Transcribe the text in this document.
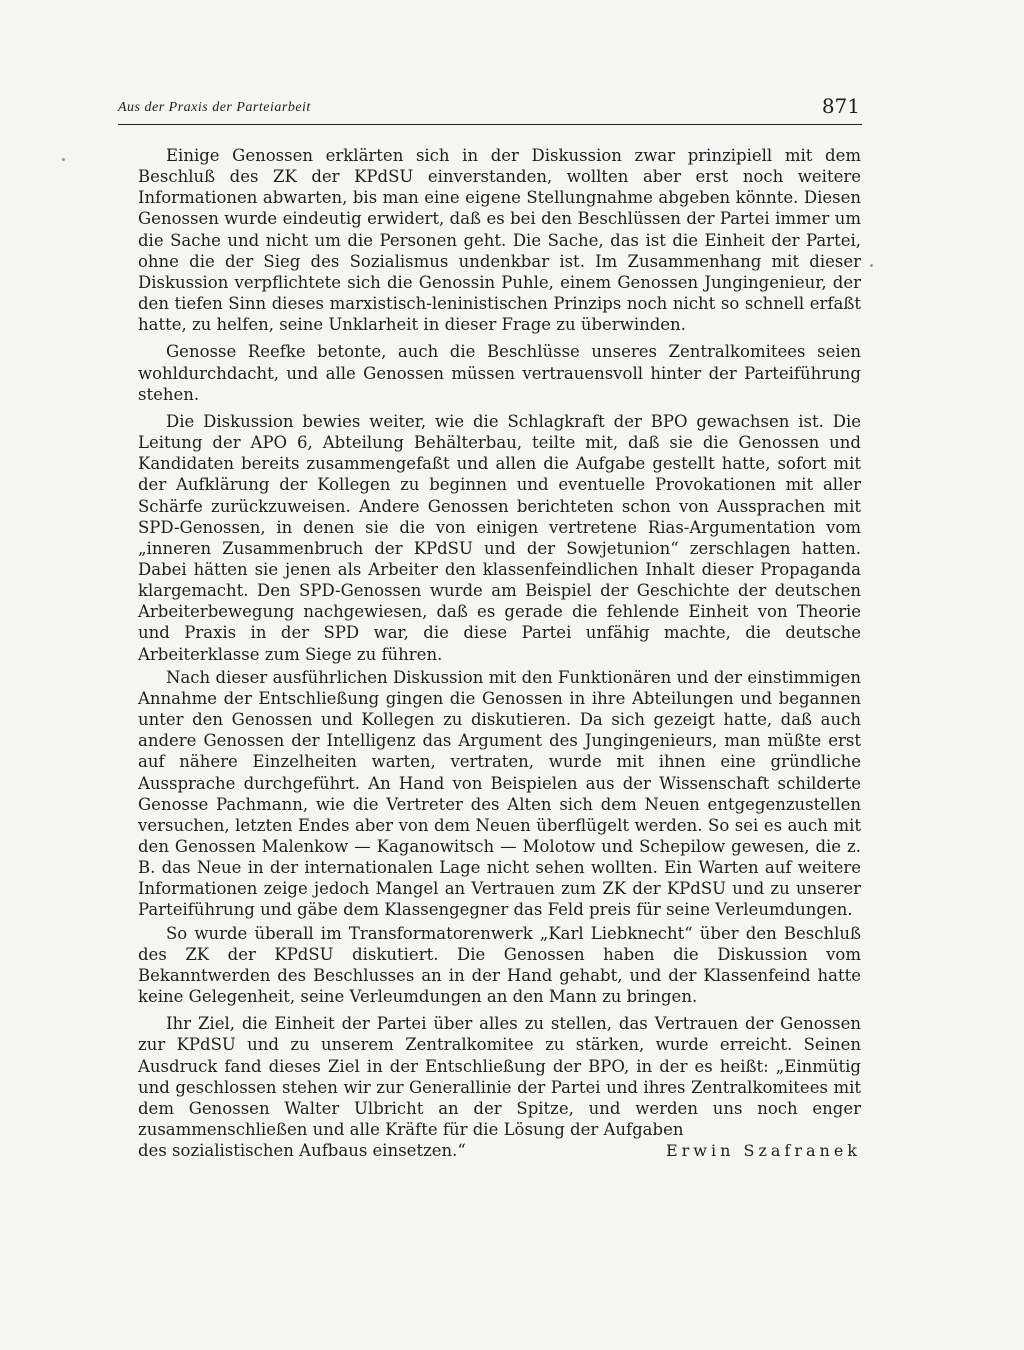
Aus der Praxis der Parteiarbeit	871

Einige Genossen erklärten sich in der Diskussion zwar prinzipiell mit dem Beschluß des ZK der KPdSU einverstanden, wollten aber erst noch weitere Informationen abwarten, bis man eine eigene Stellungnahme abgeben könnte. Diesen Genossen wurde eindeutig erwidert, daß es bei den Beschlüssen der Partei immer um die Sache und nicht um die Personen geht. Die Sache, das ist die Einheit der Partei, ohne die der Sieg des Sozialismus undenkbar ist. Im Zusammenhang mit dieser Diskussion verpflichtete sich die Genossin Puhle, einem Genossen Jungingenieur, der den tiefen Sinn dieses marxistisch-leninistischen Prinzips noch nicht so schnell erfaßt hatte, zu helfen, seine Unklarheit in dieser Frage zu überwinden.

Genosse Reefke betonte, auch die Beschlüsse unseres Zentralkomitees seien wohldurchdacht, und alle Genossen müssen vertrauensvoll hinter der Parteiführung stehen.

Die Diskussion bewies weiter, wie die Schlagkraft der BPO gewachsen ist. Die Leitung der APO 6, Abteilung Behälterbau, teilte mit, daß sie die Genossen und Kandidaten bereits zusammengefaßt und allen die Aufgabe gestellt hatte, sofort mit der Aufklärung der Kollegen zu beginnen und eventuelle Provokationen mit aller Schärfe zurückzuweisen. Andere Genossen berichteten schon von Aussprachen mit SPD-Genossen, in denen sie die von einigen vertretene Rias-Argumentation vom „inneren Zusammenbruch der KPdSU und der Sowjetunion“ zerschlagen hatten. Dabei hätten sie jenen als Arbeiter den klassenfeindlichen Inhalt dieser Propaganda klargemacht. Den SPD-Genossen wurde am Beispiel der Geschichte der deutschen Arbeiterbewegung nachgewiesen, daß es gerade die fehlende Einheit von Theorie und Praxis in der SPD war, die diese Partei unfähig machte, die deutsche Arbeiterklasse zum Siege zu führen.

Nach dieser ausführlichen Diskussion mit den Funktionären und der einstimmigen Annahme der Entschließung gingen die Genossen in ihre Abteilungen und begannen unter den Genossen und Kollegen zu diskutieren. Da sich gezeigt hatte, daß auch andere Genossen der Intelligenz das Argument des Jungingenieurs, man müßte erst auf nähere Einzelheiten warten, vertraten, wurde mit ihnen eine gründliche Aussprache durchgeführt. An Hand von Beispielen aus der Wissenschaft schilderte Genosse Pachmann, wie die Vertreter des Alten sich dem Neuen entgegenzustellen versuchen, letzten Endes aber von dem Neuen überflügelt werden. So sei es auch mit den Genossen Malenkow — Kaganowitsch — Molotow und Schepilow gewesen, die z. B. das Neue in der internationalen Lage nicht sehen wollten. Ein Warten auf weitere Informationen zeige jedoch Mangel an Vertrauen zum ZK der KPdSU und zu unserer Parteiführung und gäbe dem Klassengegner das Feld preis für seine Verleumdungen.

So wurde überall im Transformatorenwerk „Karl Liebknecht“ über den Beschluß des ZK der KPdSU diskutiert. Die Genossen haben die Diskussion vom Bekanntwerden des Beschlusses an in der Hand gehabt, und der Klassenfeind hatte keine Gelegenheit, seine Verleumdungen an den Mann zu bringen.

Ihr Ziel, die Einheit der Partei über alles zu stellen, das Vertrauen der Genossen zur KPdSU und zu unserem Zentralkomitee zu stärken, wurde erreicht. Seinen Ausdruck fand dieses Ziel in der Entschließung der BPO, in der es heißt: „Einmütig und geschlossen stehen wir zur Generallinie der Partei und ihres Zentralkomitees mit dem Genossen Walter Ulbricht an der Spitze, und werden uns noch enger zusammenschließen und alle Kräfte für die Lösung der Aufgaben

des sozialistischen Aufbaus einsetzen.“	Erwin Szafranek
